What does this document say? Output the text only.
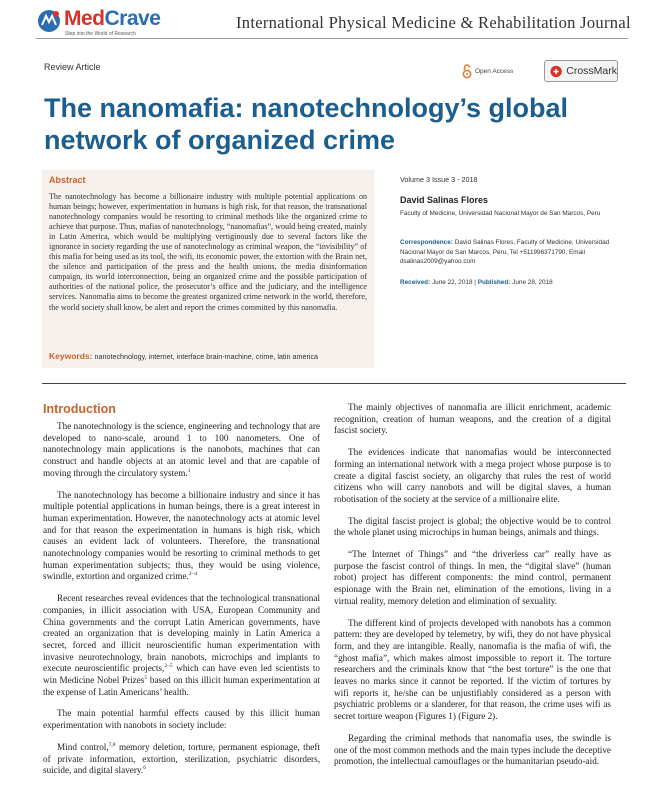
MedCrave
Step into the World of Research
International Physical Medicine & Rehabilitation Journal
Review Article	Open Access	CrossMark
The nanomafia: nanotechnology’s global network of organized crime
Abstract
The nanotechnology has become a billionaire industry with multiple potential applications on human beings; however, experimentation in humans is high risk, for that reason, the transnational nanotechnology companies would be resorting to criminal methods like the organized crime to achieve that purpose. Thus, mafias of nanotechnology, “nanomafias”, would being created, mainly in Latin America, which would be multiplying vertiginously due to several factors like the ignorance in society regarding the use of nanotechnology as criminal weapon, the “invisibility” of this mafia for being used as its tool, the wifi, its economic power, the extortion with the Brain net, the silence and participation of the press and the health unions, the media disinformation campaign, its world interconnection, being an organized crime and the possible participation of authorities of the national police, the prosecutor’s office and the judiciary, and the intelligence services. Nanomafia aims to become the greatest organized crime network in the world, therefore, the world society shall know, be alert and report the crimes committed by this nanomafia.
Keywords: nanotechnology, internet, interface brain-machine, crime, latin america
Volume 3 Issue 3 - 2018
David Salinas Flores
Faculty of Medicine, Universidad Nacional Mayor de San Marcos, Peru
Correspondence: David Salinas Flores, Faculty of Medicine, Universidad Nacional Mayor de San Marcos, Peru, Tel +511996371790, Email dsalinas2009@yahoo.com
Received: June 22, 2018 | Published: June 28, 2018
Introduction

The nanotechnology is the science, engineering and technology that are developed to nano-scale, around 1 to 100 nanometers. One of nanotechnology main applications is the nanobots, machines that can construct and handle objects at an atomic level and that are capable of moving through the circulatory system.$^1$

The nanotechnology has become a billionaire industry and since it has multiple potential applications in human beings, there is a great interest in human experimentation. However, the nanotechnology acts at atomic level and for that reason the experimentation in humans is high risk, which causes an evident lack of volunteers. Therefore, the transnational nanotechnology companies would be resorting to criminal methods to get human experimentation subjects; thus, they would be using violence, swindle, extortion and organized crime.$^{2-4}$

Recent researches reveal evidences that the technological transnational companies, in illicit association with USA, European Community and China governments and the corrupt Latin American governments, have created an organization that is developing mainly in Latin America a secret, forced and illicit neuroscientific human experimentation with invasive neurotechnology, brain nanobots, microchips and implants to execute neuroscientific projects,$^{2-5}$ which can have even led scientists to win Medicine Nobel Prizes$^5$ based on this illicit human experimentation at the expense of Latin Americans’ health.

The main potential harmful effects caused by this illicit human experimentation with nanobots in society include:

Mind control,$^{7,8}$ memory deletion, torture, permanent espionage, theft of private information, extortion, sterilization, psychiatric disorders, suicide, and digital slavery.$^6$

The mainly objectives of nanomafia are illicit enrichment, academic recognition, creation of human weapons, and the creation of a digital fascist society.

The evidences indicate that nanomafias would be interconnected forming an international network with a mega project whose purpose is to create a digital fascist society, an oligarchy that rules the rest of world citizens who will carry nanobots and will be digital slaves, a human robotisation of the society at the service of a millionaire elite.

The digital fascist project is global; the objective would be to control the whole planet using microchips in human beings, animals and things.

“The Internet of Things” and “the driverless car” really have as purpose the fascist control of things. In men, the “digital slave” (human robot) project has different components: the mind control, permanent espionage with the Brain net, elimination of the emotions, living in a virtual reality, memory deletion and elimination of sexuality.

The different kind of projects developed with nanobots has a common pattern: they are developed by telemetry, by wifi, they do not have physical form, and they are intangible. Really, nanomafia is the mafia of wifi, the “ghost mafia”, which makes almost impossible to report it. The torture researchers and the criminals know that “the best torture” is the one that leaves no marks since it cannot be reported. If the victim of tortures by wifi reports it, he/she can be unjustifiably considered as a person with psychiatric problems or a slanderer, for that reason, the crime uses wifi as secret torture weapon (Figures 1) (Figure 2).

Regarding the criminal methods that nanomafia uses, the swindle is one of the most common methods and the main types include the deceptive promotion, the intellectual camouflages or the humanitarian pseudo-aid.
